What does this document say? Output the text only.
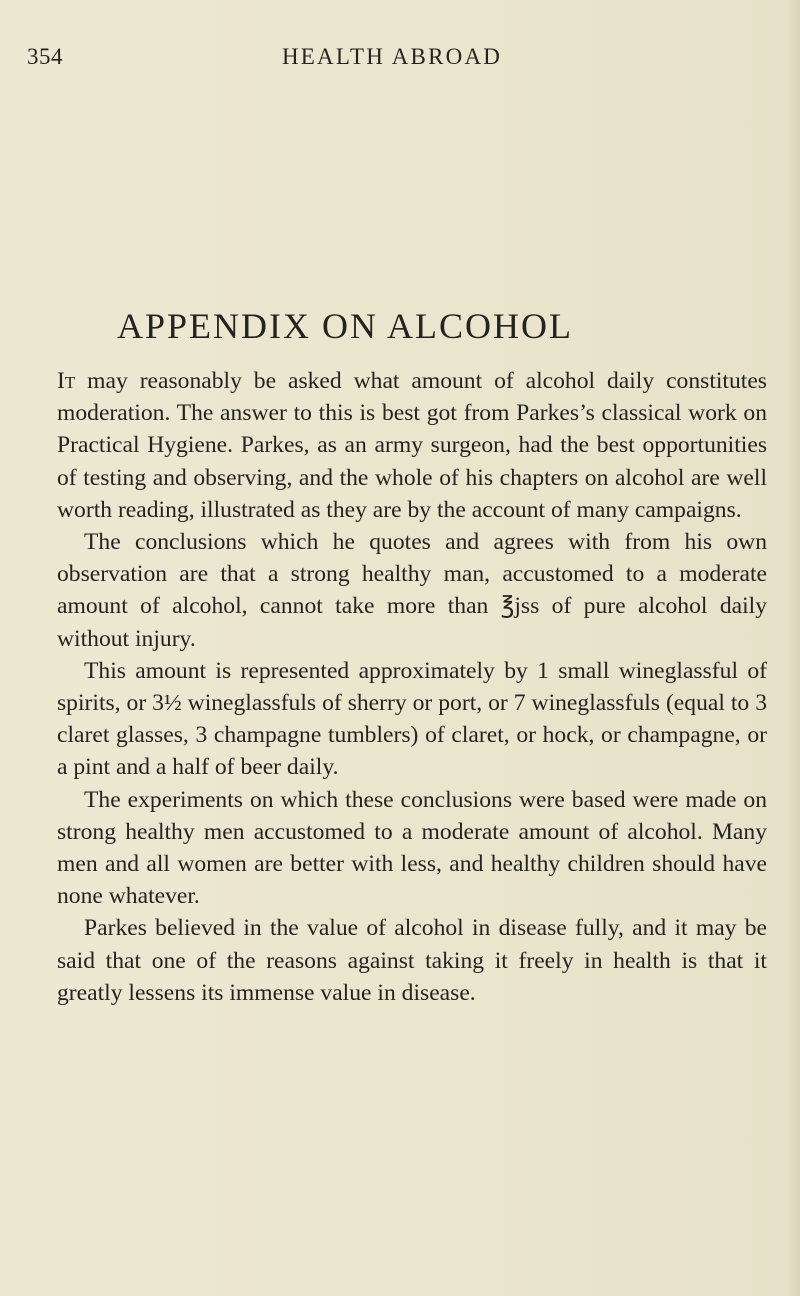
354	HEALTH ABROAD
APPENDIX ON ALCOHOL

It may reasonably be asked what amount of alcohol daily constitutes moderation. The answer to this is best got from Parkes’s classical work on Practical Hygiene. Parkes, as an army surgeon, had the best opportunities of testing and observing, and the whole of his chapters on alcohol are well worth reading, illustrated as they are by the account of many campaigns.

The conclusions which he quotes and agrees with from his own observation are that a strong healthy man, accustomed to a moderate amount of alcohol, cannot take more than ℥jss of pure alcohol daily without injury.

This amount is represented approximately by 1 small wineglassful of spirits, or 3½ wineglassfuls of sherry or port, or 7 wineglassfuls (equal to 3 claret glasses, 3 champagne tumblers) of claret, or hock, or champagne, or a pint and a half of beer daily.

The experiments on which these conclusions were based were made on strong healthy men accustomed to a moderate amount of alcohol. Many men and all women are better with less, and healthy children should have none whatever.

Parkes believed in the value of alcohol in disease fully, and it may be said that one of the reasons against taking it freely in health is that it greatly lessens its immense value in disease.
